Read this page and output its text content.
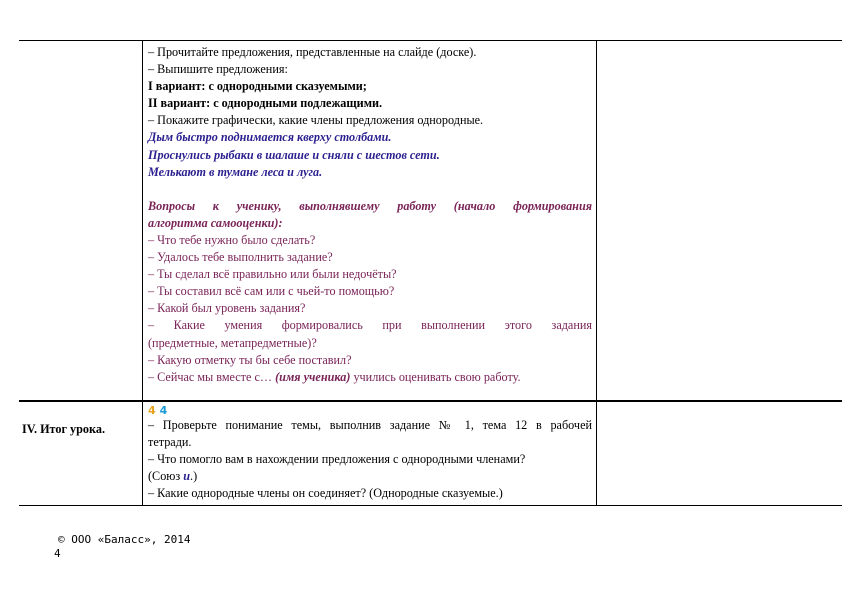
– Прочитайте предложения, представленные на слайде (доске).
– Выпишите предложения:
I вариант: с однородными сказуемыми;
II вариант: с однородными подлежащими.
– Покажите графически, какие члены предложения однородные.
Дым быстро поднимается кверху столбами.
Проснулись рыбаки в шалаше и сняли с шестов сети.
Мелькают в тумане леса и луга.
Вопросы к ученику, выполнявшему работу (начало формирования
алгоритма самооценки):
– Что тебе нужно было сделать?
– Удалось тебе выполнить задание?
– Ты сделал всё правильно или были недочёты?
– Ты составил всё сам или с чьей-то помощью?
– Какой был уровень задания?
– Какие умения формировались при выполнении этого задания
(предметные, метапредметные)?
– Какую отметку ты бы себе поставил?
– Сейчас мы вместе с… (имя ученика) учились оценивать свою работу.
IV. Итог урока.
4 4
– Проверьте понимание темы, выполнив задание № 1, тема 12 в рабочей
тетради.
– Что помогло вам в нахождении предложения с однородными членами?
(Союз и.)
– Какие однородные члены он соединяет? (Однородные сказуемые.)
© ООО «Баласс», 2014
4
